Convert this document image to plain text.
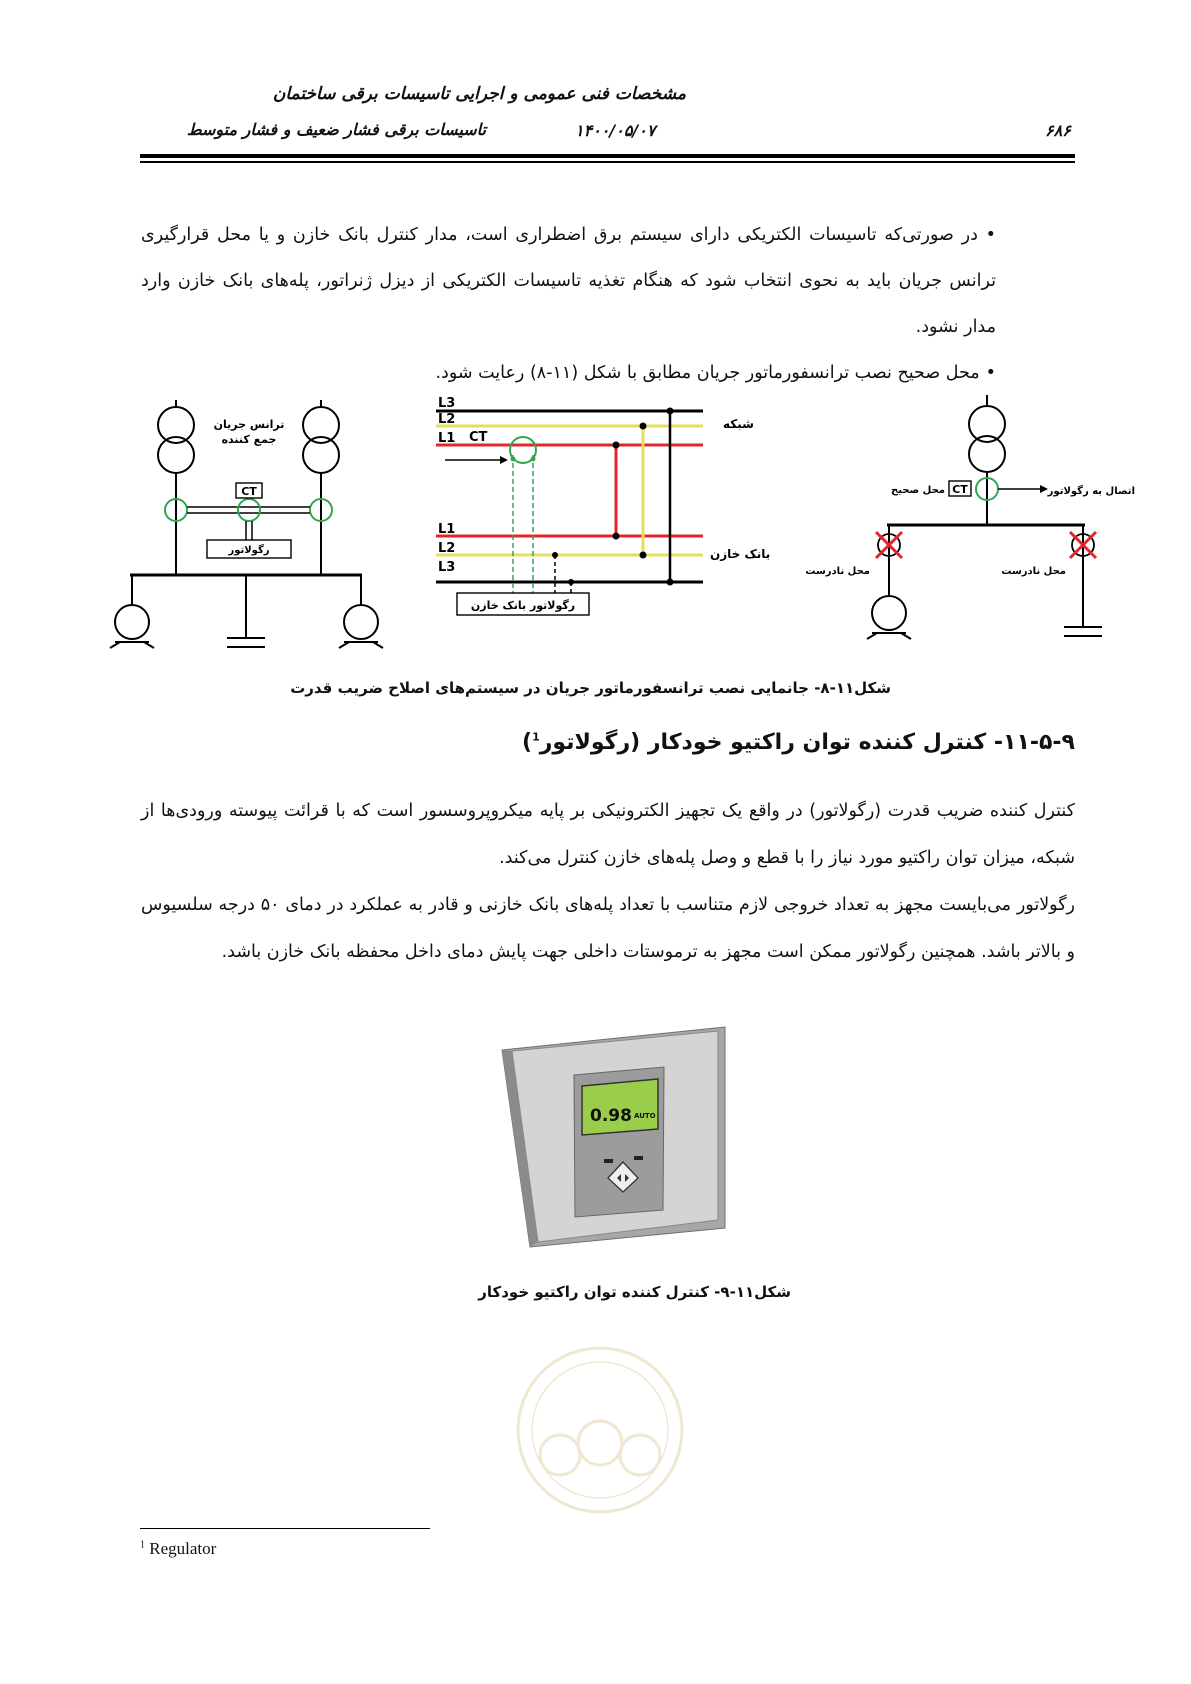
مشخصات فنی عمومی و اجرایی تاسیسات برقی ساختمان
تاسیسات برقی فشار ضعیف و فشار متوسط	۱۴۰۰/۰۵/۰۷	۶۸۶
• در صورتی‌که تاسیسات الکتریکی دارای سیستم برق اضطراری است، مدار کنترل بانک خازن و یا محل قرارگیری ترانس جریان باید به نحوی انتخاب شود که هنگام تغذیه تاسیسات الکتریکی از دیزل ژنراتور، پله‌های بانک خازن وارد مدار نشود.
• محل صحیح نصب ترانسفورماتور جریان مطابق با شکل (۱۱-۸) رعایت شود.
CT
رگولاتور
ترانس جریان
جمع کننده
L3
L2
L1
L1
L2
L3
CT
رگولاتور بانک خازن
شبکه
بانک خازن
CT
محل صحیح	اتصال به رگولاتور
محل نادرست	محل نادرست
شکل۱۱-۸- جانمایی نصب ترانسفورماتور جریان در سیستم‌های اصلاح ضریب قدرت
۱۱-۵-۹- کنترل کننده توان راکتیو خودکار (رگولاتور$^1$)
کنترل کننده ضریب قدرت (رگولاتور) در واقع یک تجهیز الکترونیکی بر پایه میکروپروسسور است که با قرائت پیوسته ورودی‌ها از شبکه، میزان توان راکتیو مورد نیاز را با قطع و وصل پله‌های خازن کنترل می‌کند.
رگولاتور می‌بایست مجهز به تعداد خروجی لازم متناسب با تعداد پله‌های بانک خازنی و قادر به عملکرد در دمای ۵۰ درجه سلسیوس و بالاتر باشد. همچنین رگولاتور ممکن است مجهز به ترموستات داخلی جهت پایش دمای داخل محفظه بانک خازن باشد.
0.98 AUTO
شکل۱۱-۹- کنترل کننده توان راکتیو خودکار
$^1$ Regulator
